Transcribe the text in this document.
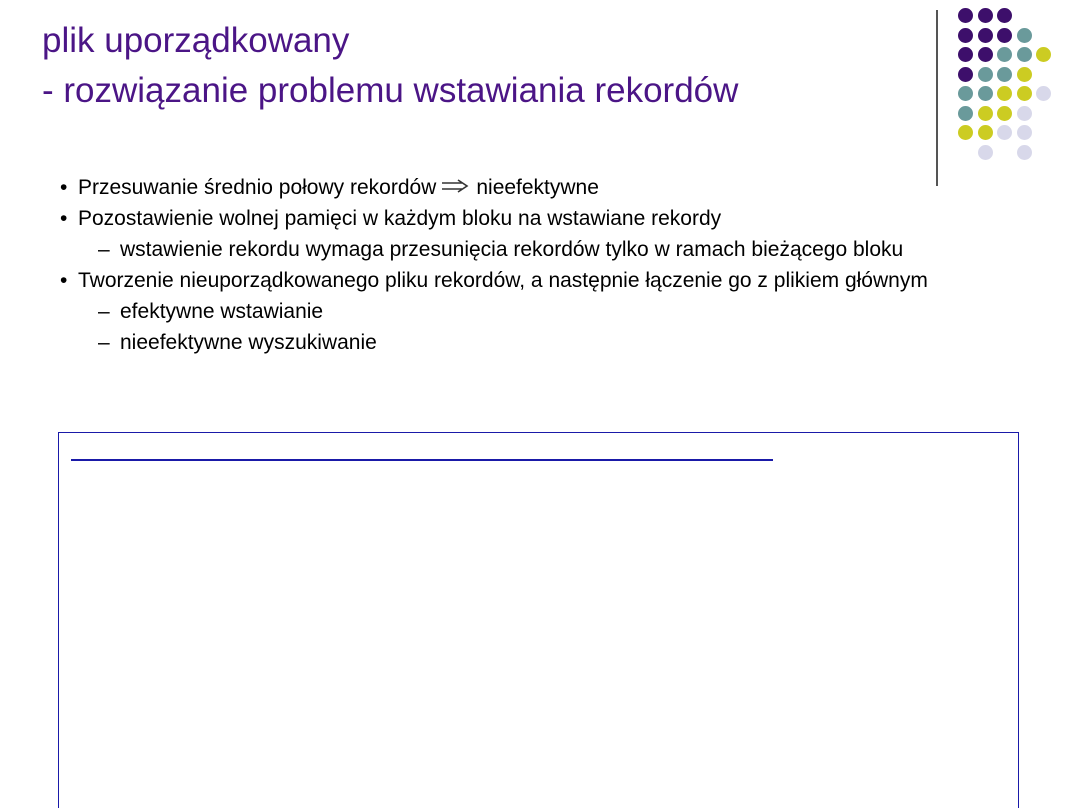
plik uporządkowany
- rozwiązanie problemu wstawiania rekordów
• Przesuwanie średnio połowy rekordów nieefektywne
• Pozostawienie wolnej pamięci w każdym bloku na wstawiane rekordy
– wstawienie rekordu wymaga przesunięcia rekordów tylko w ramach bieżącego bloku
• Tworzenie nieuporządkowanego pliku rekordów, a następnie łączenie go z plikiem głównym
– efektywne wstawianie
– nieefektywne wyszukiwanie
